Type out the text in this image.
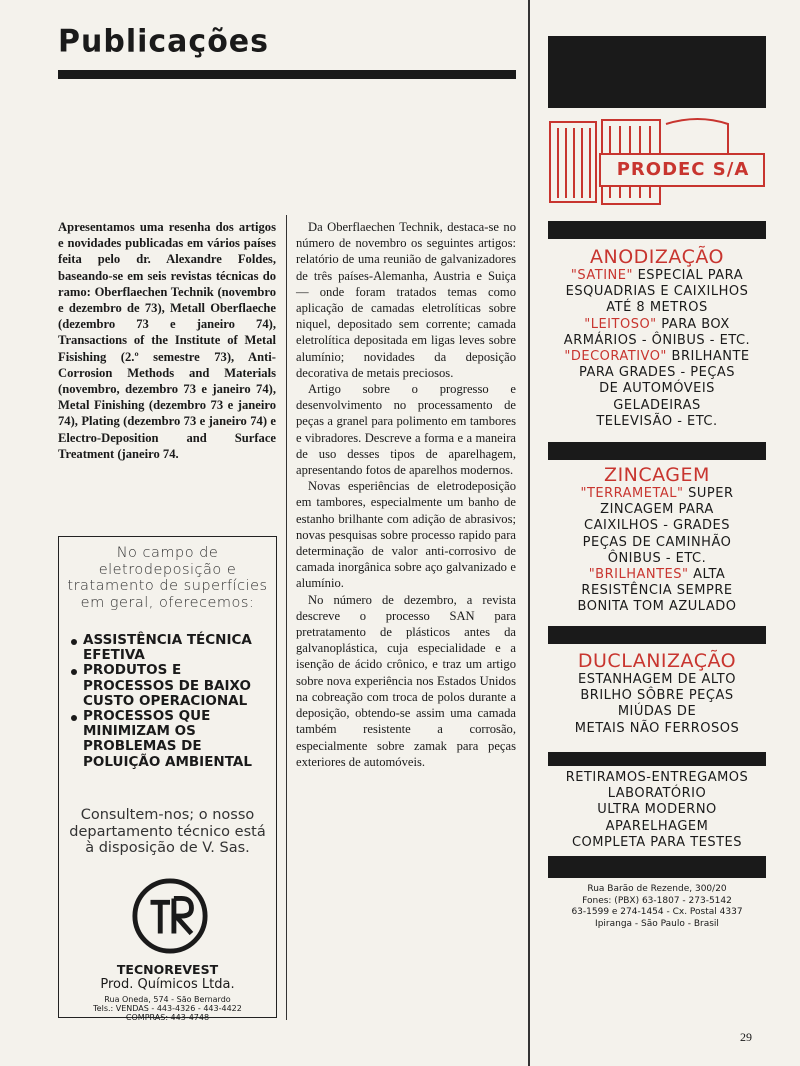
Publicações
Apresentamos uma resenha dos artigos e novidades publicadas em vários países feita pelo dr. Alexandre Foldes, baseando-se em seis revistas técnicas do ramo: Oberflaechen Technik (novembro e dezembro de 73), Metall Oberflaeche (dezembro 73 e janeiro 74), Transactions of the Institute of Metal Fisishing (2.º semestre 73), Anti-Corrosion Methods and Materials (novembro, dezembro 73 e janeiro 74), Metal Finishing (dezembro 73 e janeiro 74), Plating (dezembro 73 e janeiro 74) e Electro-Deposition and Surface Treatment (janeiro 74.

Da Oberflaechen Technik, destaca-se no número de novembro os seguintes artigos: relatório de uma reunião de galvanizadores de três países-Alemanha, Austria e Suiça — onde foram tratados temas como aplicação de camadas eletrolíticas sobre niquel, depositado sem corrente; camada eletrolítica depositada em ligas leves sobre alumínio; novidades da deposição decorativa de metais preciosos.

Artigo sobre o progresso e desenvolvimento no processamento de peças a granel para polimento em tambores e vibradores. Descreve a forma e a maneira de uso desses tipos de aparelhagem, apresentando fotos de aparelhos modernos.

Novas esperiências de eletrodeposição em tambores, especialmente um banho de estanho brilhante com adição de abrasivos; novas pesquisas sobre processo rapido para determinação de valor anti-corrosivo de camada inorgânica sobre aço galvanizado e alumínio.

No número de dezembro, a revista descreve o processo SAN para pretratamento de plásticos antes da galvanoplástica, cuja especialidade e a isenção de ácido crônico, e traz um artigo sobre nova experiência nos Estados Unidos na cobreação com troca de polos durante a deposição, obtendo-se assim uma camada também resistente a corrosão, especialmente sobre zamak para peças exteriores de automóveis.

No campo de eletrodeposição e tratamento de superfícies em geral, oferecemos:
ASSISTÊNCIA TÉCNICA EFETIVA
PRODUTOS E PROCESSOS DE BAIXO CUSTO OPERACIONAL
PROCESSOS QUE MINIMIZAM OS PROBLEMAS DE POLUIÇÃO AMBIENTAL
Consultem-nos; o nosso departamento técnico está à disposição de V. Sas.
TECNOREVEST
Prod. Químicos Ltda.
Rua Oneda, 574 - São Bernardo
Tels.: VENDAS - 443-4326 - 443-4422
COMPRAS: 443-4748
PRODEC S/A
ANODIZAÇÃO
"SATINE" ESPECIAL PARA
ESQUADRIAS E CAIXILHOS
ATÉ 8 METROS
"LEITOSO" PARA BOX
ARMÁRIOS - ÔNIBUS - ETC.
"DECORATIVO" BRILHANTE
PARA GRADES - PEÇAS
DE AUTOMÓVEIS
GELADEIRAS
TELEVISÃO - ETC.
ZINCAGEM
"TERRAMETAL" SUPER
ZINCAGEM PARA
CAIXILHOS - GRADES
PEÇAS DE CAMINHÃO
ÔNIBUS - ETC.
"BRILHANTES" ALTA
RESISTÊNCIA SEMPRE
BONITA TOM AZULADO
DUCLANIZAÇÃO
ESTANHAGEM DE ALTO
BRILHO SÔBRE PEÇAS
MIÚDAS DE
METAIS NÃO FERROSOS
RETIRAMOS-ENTREGAMOS
LABORATÓRIO
ULTRA MODERNO
APARELHAGEM
COMPLETA PARA TESTES
Rua Barão de Rezende, 300/20
Fones: (PBX) 63-1807 - 273-5142
63-1599 e 274-1454 - Cx. Postal 4337
Ipiranga - São Paulo - Brasil
29
